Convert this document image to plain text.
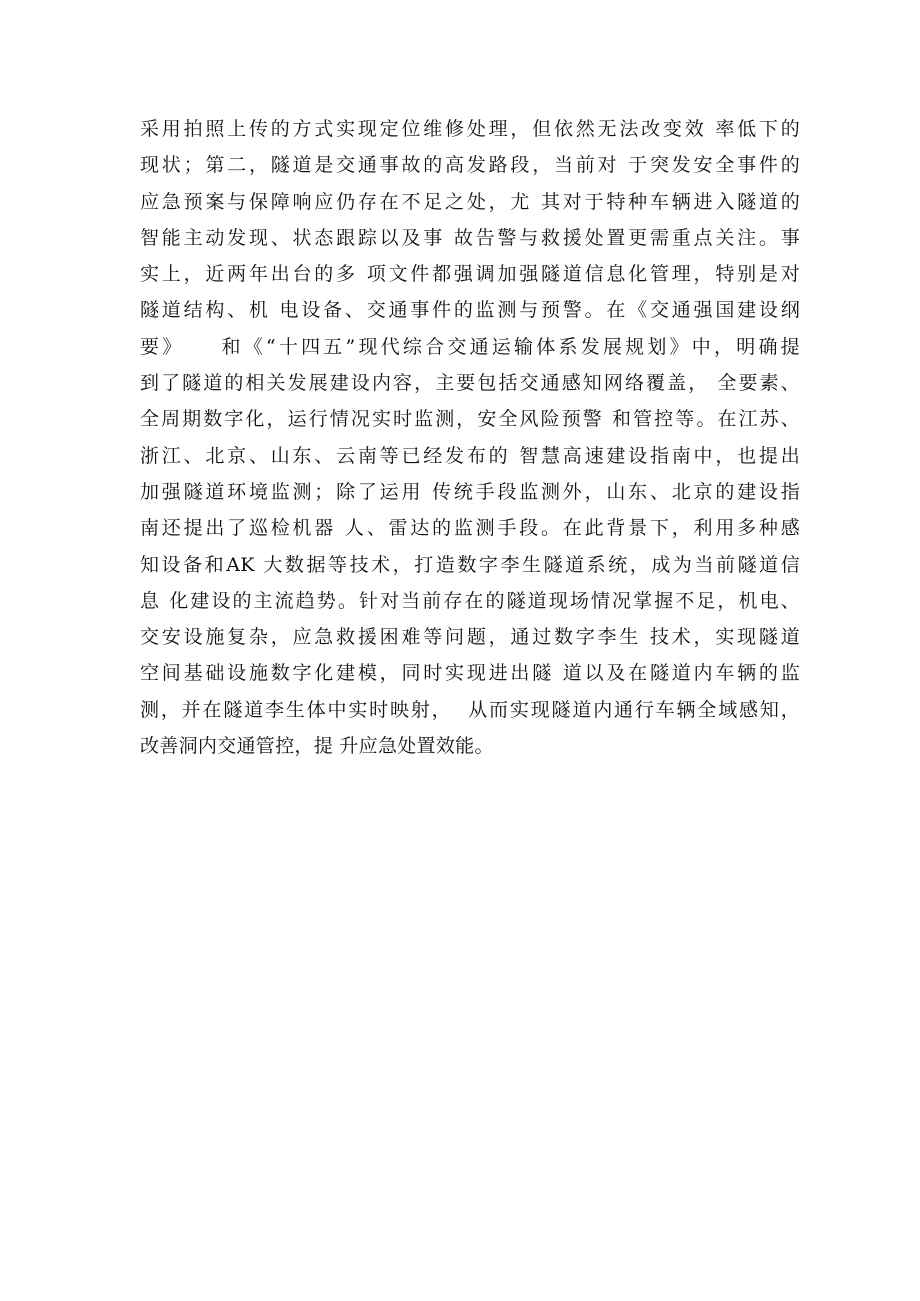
采用拍照上传的方式实现定位维修处理，但依然无法改变效 率低下的
现状；第二，隧道是交通事故的高发路段，当前对 于突发安全事件的
应急预案与保障响应仍存在不足之处，尤 其对于特种车辆进入隧道的
智能主动发现、状态跟踪以及事 故告警与救援处置更需重点关注。事
实上，近两年出台的多 项文件都强调加强隧道信息化管理，特别是对
隧道结构、机 电设备、交通事件的监测与预警。在《交通强国建设纲
要》    和《“十四五”现代综合交通运输体系发展规划》中，明确提
到了隧道的相关发展建设内容，主要包括交通感知网络覆盖， 全要素、
全周期数字化，运行情况实时监测，安全风险预警 和管控等。在江苏、
浙江、北京、山东、云南等已经发布的 智慧高速建设指南中，也提出
加强隧道环境监测；除了运用 传统手段监测外，山东、北京的建设指
南还提出了巡检机器 人、雷达的监测手段。在此背景下，利用多种感
知设备和AK 大数据等技术，打造数字李生隧道系统，成为当前隧道信
息 化建设的主流趋势。针对当前存在的隧道现场情况掌握不足，机电、
交安设施复杂，应急救援困难等问题，通过数字李生 技术，实现隧道
空间基础设施数字化建模，同时实现进出隧 道以及在隧道内车辆的监
测，并在隧道李生体中实时映射，  从而实现隧道内通行车辆全域感知，
改善洞内交通管控，提 升应急处置效能。
